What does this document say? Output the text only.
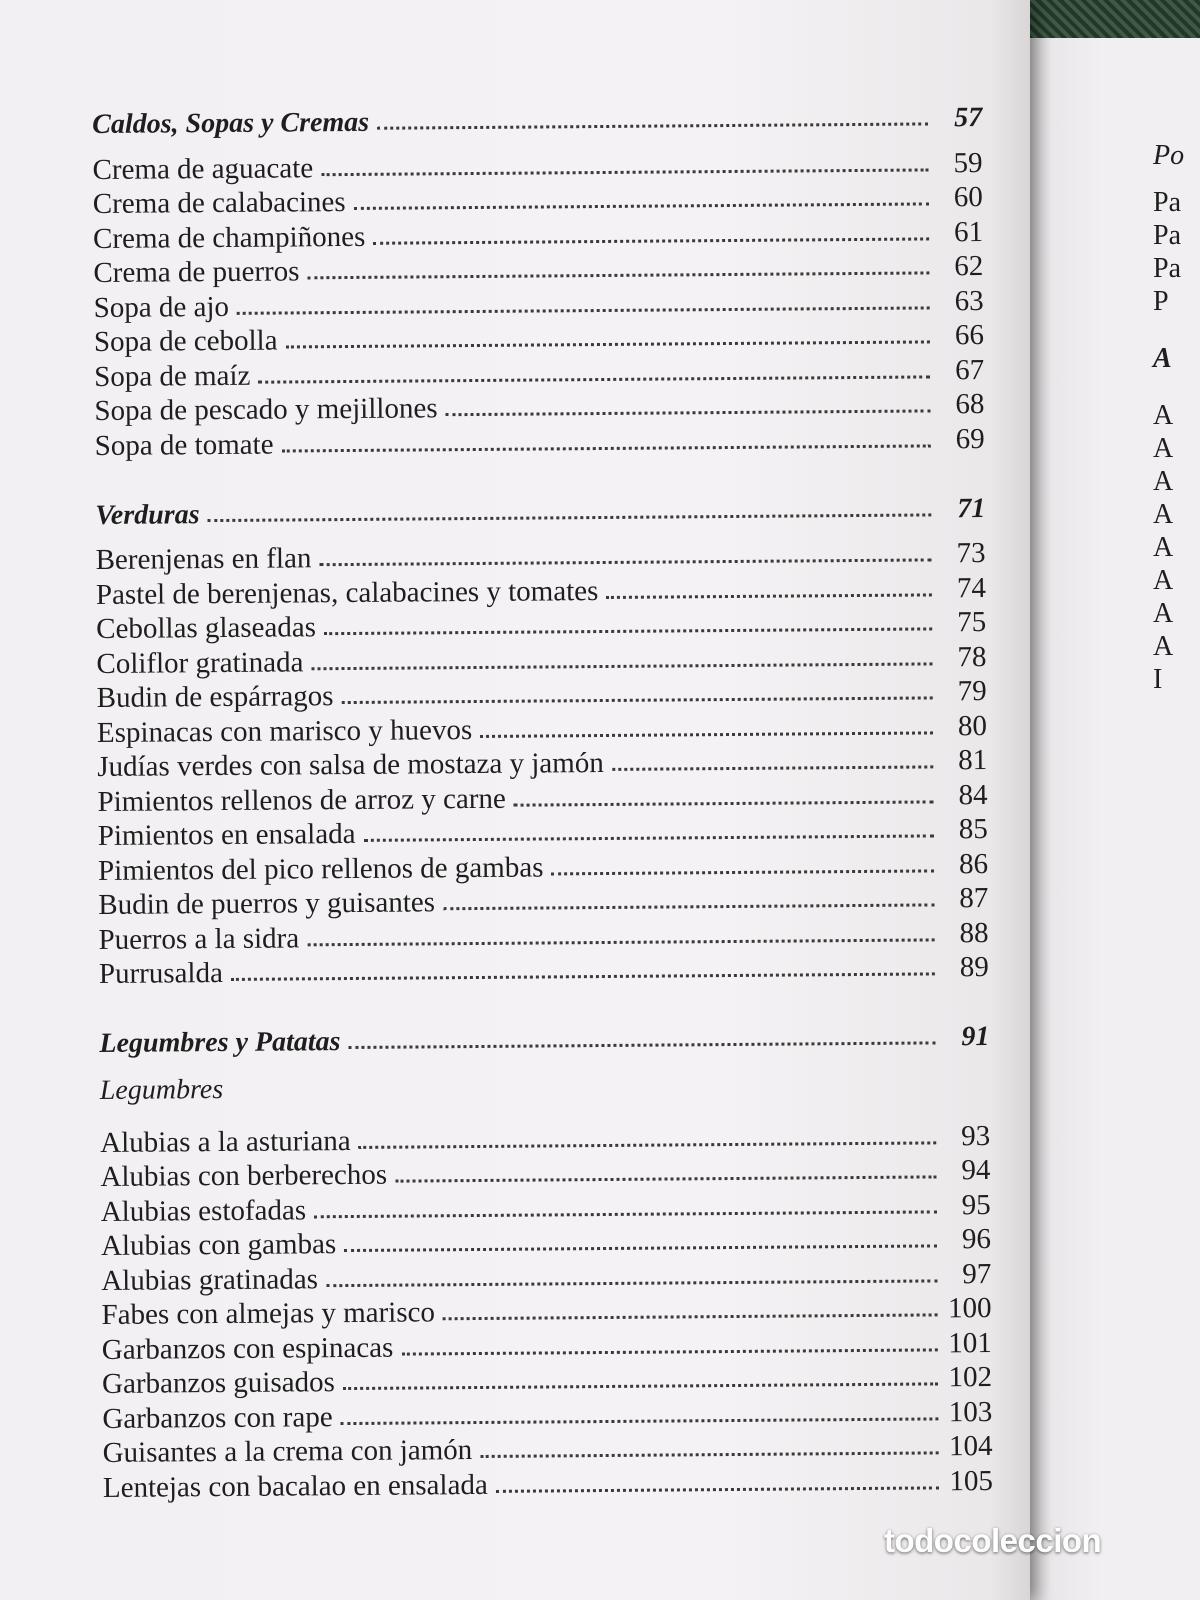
Caldos, Sopas y Cremas	57
Crema de aguacate	59
Crema de calabacines	60
Crema de champiñones	61
Crema de puerros	62
Sopa de ajo	63
Sopa de cebolla	66
Sopa de maíz	67
Sopa de pescado y mejillones	68
Sopa de tomate	69
Verduras	71
Berenjenas en flan	73
Pastel de berenjenas, calabacines y tomates	74
Cebollas glaseadas	75
Coliflor gratinada	78
Budin de espárragos	79
Espinacas con marisco y huevos	80
Judías verdes con salsa de mostaza y jamón	81
Pimientos rellenos de arroz y carne	84
Pimientos en ensalada	85
Pimientos del pico rellenos de gambas	86
Budin de puerros y guisantes	87
Puerros a la sidra	88
Purrusalda	89
Legumbres y Patatas	91
Legumbres
Alubias a la asturiana	93
Alubias con berberechos	94
Alubias estofadas	95
Alubias con gambas	96
Alubias gratinadas	97
Fabes con almejas y marisco	100
Garbanzos con espinacas	101
Garbanzos guisados	102
Garbanzos con rape	103
Guisantes a la crema con jamón	104
Lentejas con bacalao en ensalada	105
Po
Pa
Pa
Pa
P
A
A
A
A
A
A
A
A
A
I
todocoleccion
